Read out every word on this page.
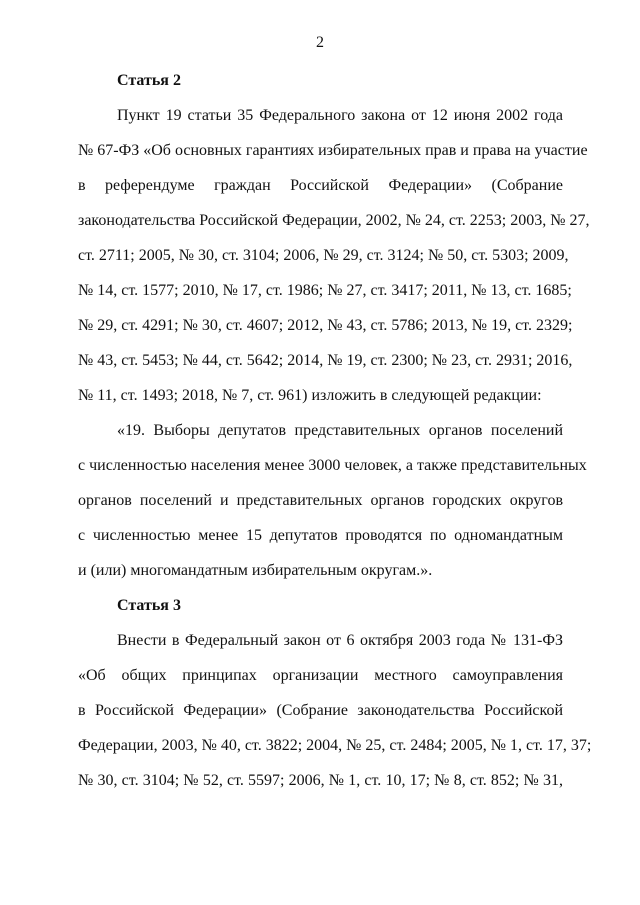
2
Статья 2
Пункт 19 статьи 35 Федерального закона от 12 июня 2002 года
№ 67-ФЗ «Об основных гарантиях избирательных прав и права на участие
в референдуме граждан Российской Федерации» (Собрание
законодательства Российской Федерации, 2002, № 24, ст. 2253; 2003, № 27,
ст. 2711; 2005, № 30, ст. 3104; 2006, № 29, ст. 3124; № 50, ст. 5303; 2009,
№ 14, ст. 1577; 2010, № 17, ст. 1986; № 27, ст. 3417; 2011, № 13, ст. 1685;
№ 29, ст. 4291; № 30, ст. 4607; 2012, № 43, ст. 5786; 2013, № 19, ст. 2329;
№ 43, ст. 5453; № 44, ст. 5642; 2014, № 19, ст. 2300; № 23, ст. 2931; 2016,
№ 11, ст. 1493; 2018, № 7, ст. 961) изложить в следующей редакции:
«19. Выборы депутатов представительных органов поселений
с численностью населения менее 3000 человек, а также представительных
органов поселений и представительных органов городских округов
с численностью менее 15 депутатов проводятся по одномандатным
и (или) многомандатным избирательным округам.».
Статья 3
Внести в Федеральный закон от 6 октября 2003 года № 131-ФЗ
«Об общих принципах организации местного самоуправления
в Российской Федерации» (Собрание законодательства Российской
Федерации, 2003, № 40, ст. 3822; 2004, № 25, ст. 2484; 2005, № 1, ст. 17, 37;
№ 30, ст. 3104; № 52, ст. 5597; 2006, № 1, ст. 10, 17; № 8, ст. 852; № 31,
